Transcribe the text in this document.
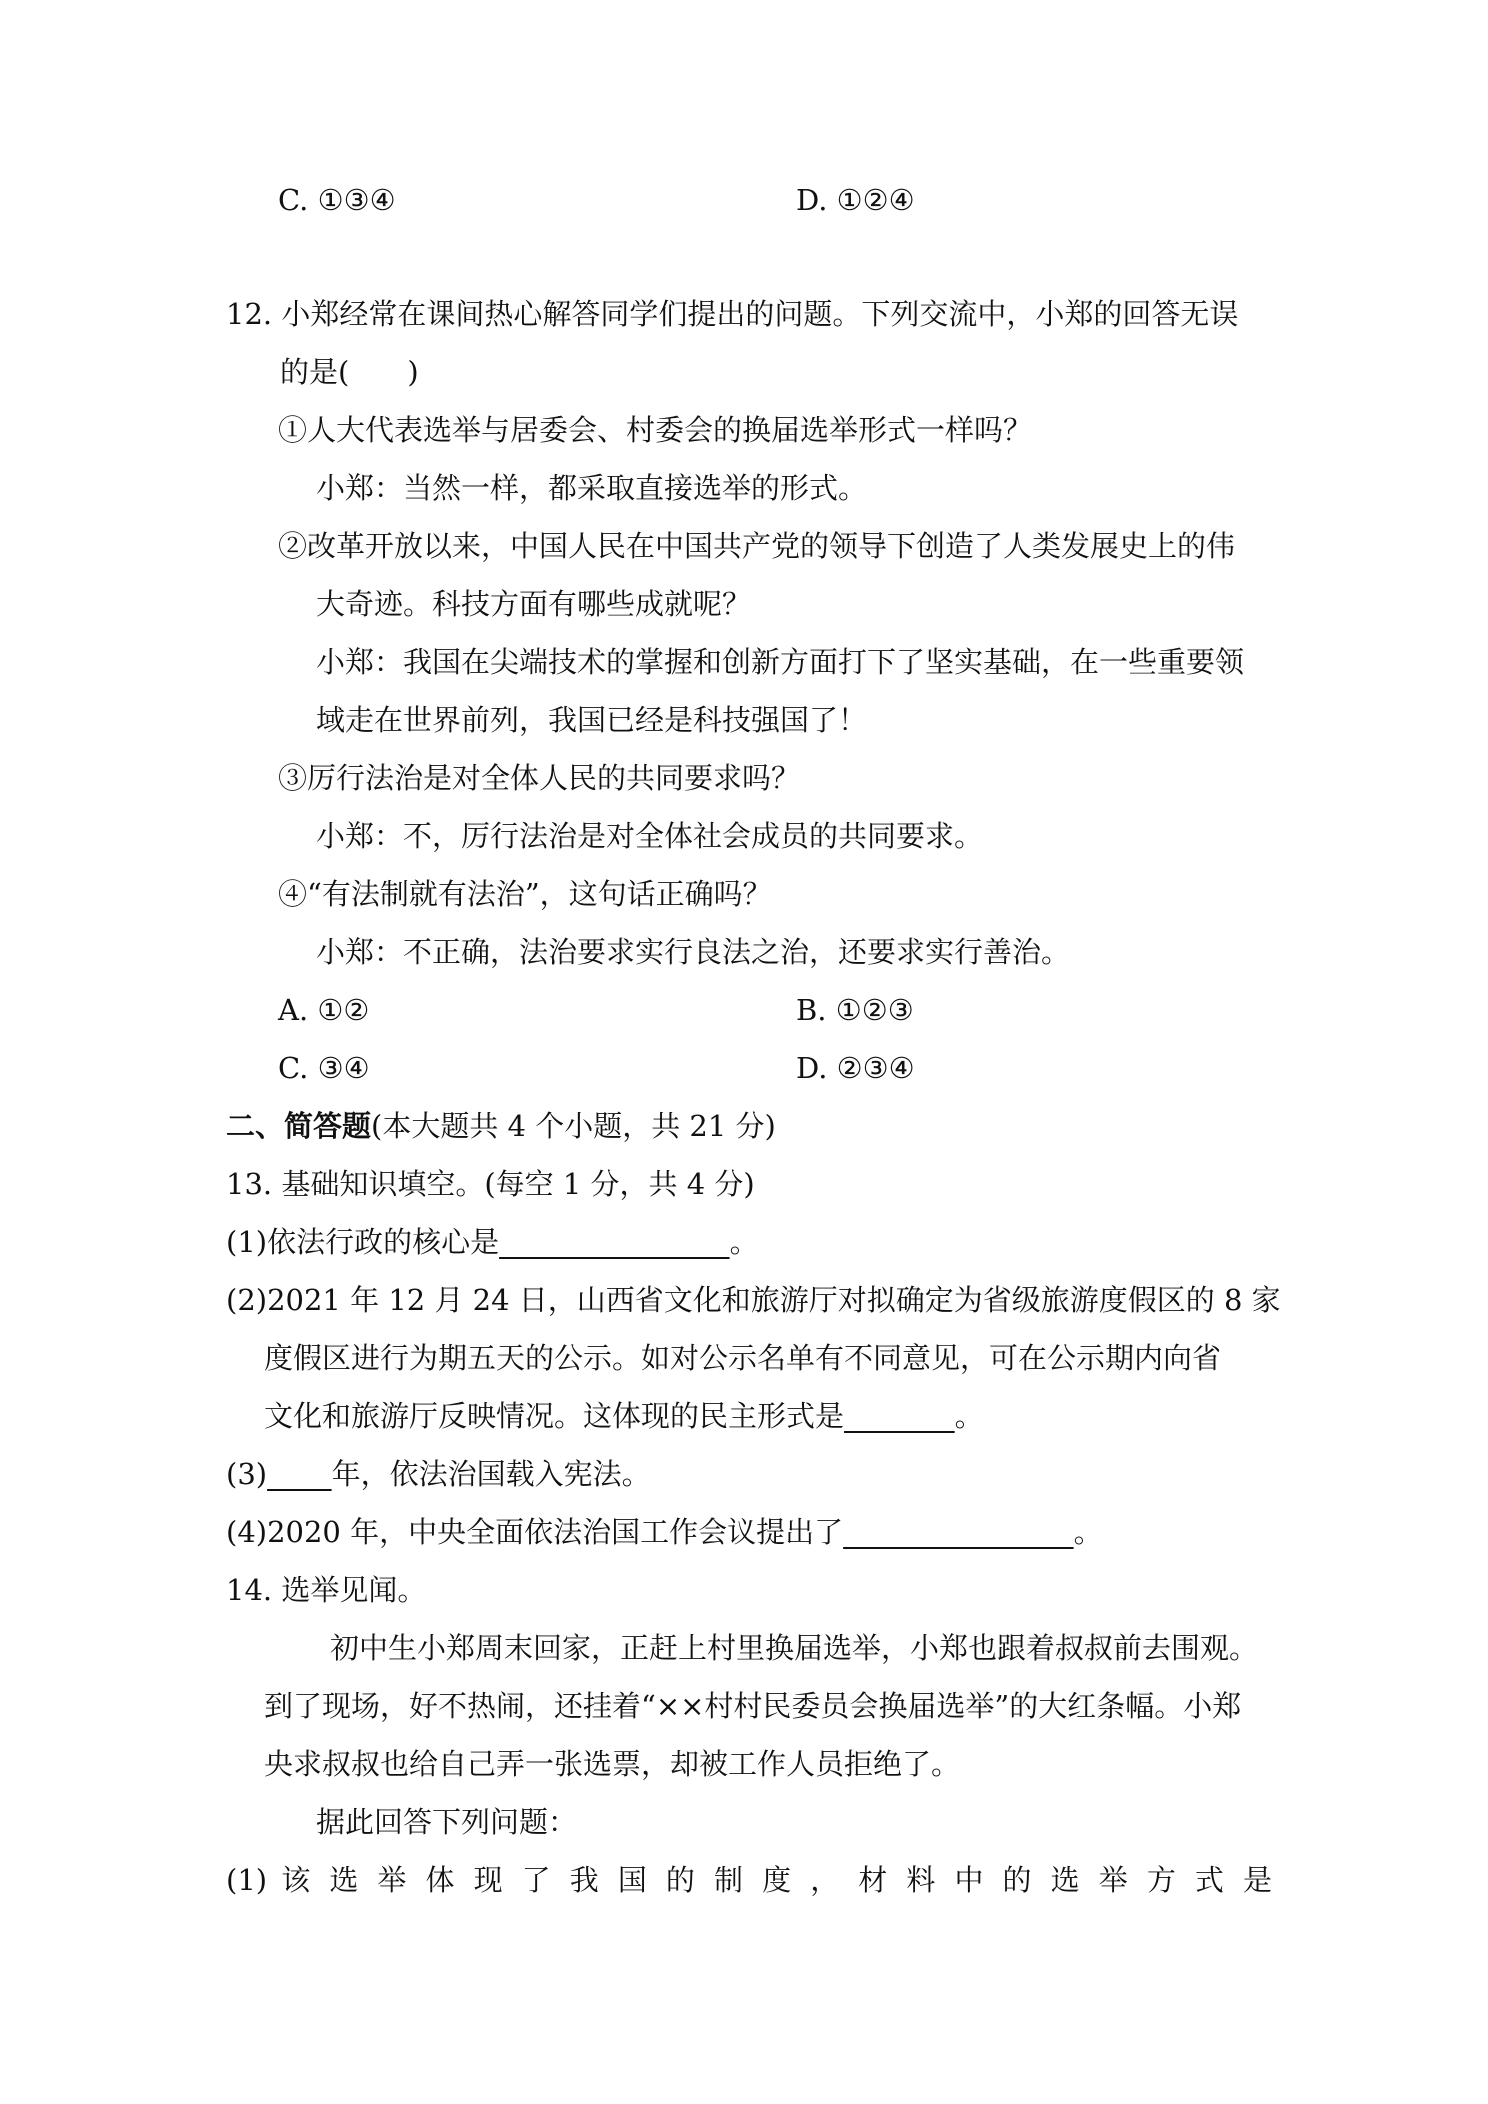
C. ①③④	D. ①②④
12. 小郑经常在课间热心解答同学们提出的问题。下列交流中，小郑的回答无误
的是(　　)
①人大代表选举与居委会、村委会的换届选举形式一样吗？
小郑：当然一样，都采取直接选举的形式。
②改革开放以来，中国人民在中国共产党的领导下创造了人类发展史上的伟
大奇迹。科技方面有哪些成就呢？
小郑：我国在尖端技术的掌握和创新方面打下了坚实基础，在一些重要领
域走在世界前列，我国已经是科技强国了！
③厉行法治是对全体人民的共同要求吗？
小郑：不，厉行法治是对全体社会成员的共同要求。
④“有法制就有法治”，这句话正确吗？
小郑：不正确，法治要求实行良法之治，还要求实行善治。
A. ①②	B. ①②③
C. ③④	D. ②③④
二、简答题(本大题共 4 个小题，共 21 分)
13. 基础知识填空。(每空 1 分，共 4 分)
(1)依法行政的核心是	。
(2)2021 年 12 月 24 日，山西省文化和旅游厅对拟确定为省级旅游度假区的 8 家
度假区进行为期五天的公示。如对公示名单有不同意见，可在公示期内向省
文化和旅游厅反映情况。这体现的民主形式是	。
(3) 年，依法治国载入宪法。
(4)2020 年，中央全面依法治国工作会议提出了	。
14. 选举见闻。
初中生小郑周末回家，正赶上村里换届选举，小郑也跟着叔叔前去围观。
到了现场，好不热闹，还挂着“××村村民委员会换届选举”的大红条幅。小郑
央求叔叔也给自己弄一张选票，却被工作人员拒绝了。
据此回答下列问题：
(1) 该 选 举 体 现 了 我 国 的 制 度 ， 材 料 中 的 选 举 方 式 是
